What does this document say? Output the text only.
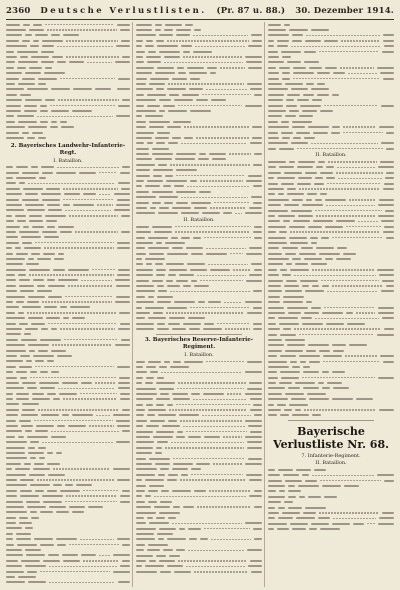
2360 Deutsche Verlustlisten. (Pr. 87 u. 88.) 30. Dezember 1914.
2. Bayerisches Landwehr-Infanterie-Regt.
I. Bataillon.
II. Bataillon.
3. Bayerisches Reserve-Infanterie-Regiment.
I. Bataillon.
II. Bataillon.
Bayerische Verlustliste Nr. 68.
7. Infanterie-Regiment.
II. Bataillon.
